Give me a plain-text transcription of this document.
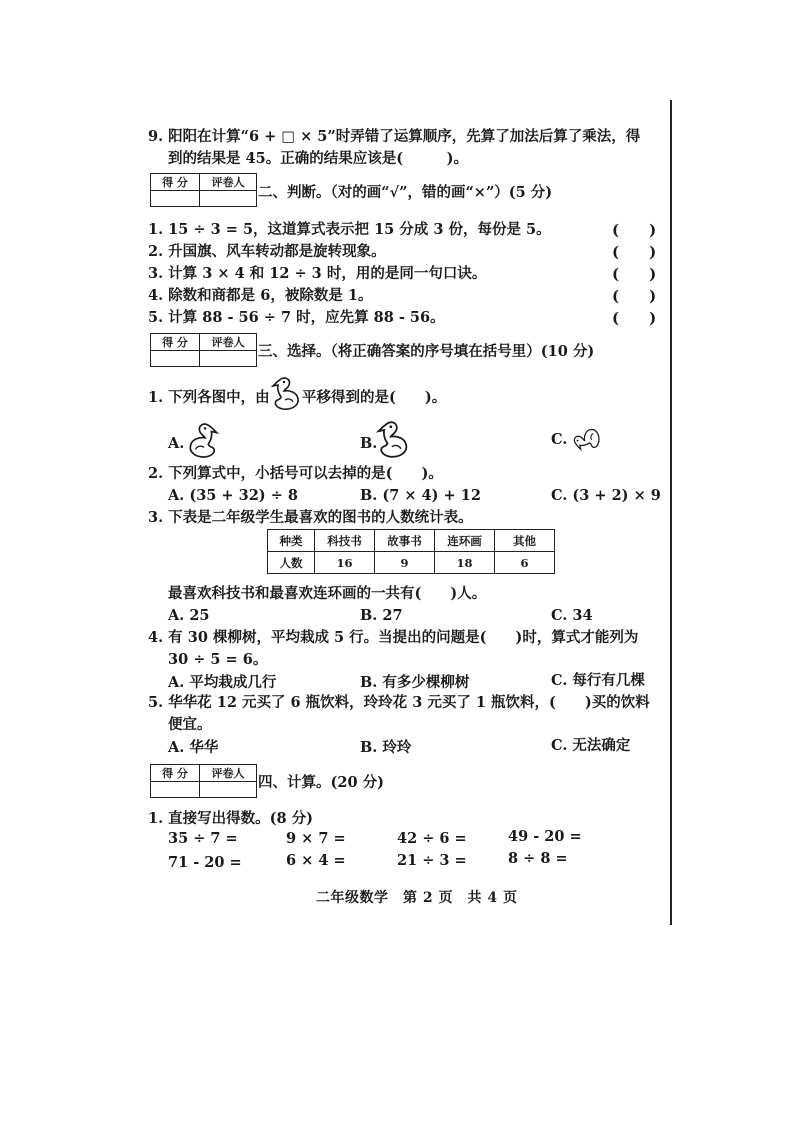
9. 阳阳在计算“6 + □ × 5”时弄错了运算顺序，先算了加法后算了乘法，得
到的结果是 45。正确的结果应该是(　　　)。
得 分	评卷人

二、判断。（对的画“√”，错的画“×”）(5 分)
1. 15 ÷ 3 = 5，这道算式表示把 15 分成 3 份，每份是 5。	(　　)
2. 升国旗、风车转动都是旋转现象。	(　　)
3. 计算 3 × 4 和 12 ÷ 3 时，用的是同一句口诀。	(　　)
4. 除数和商都是 6，被除数是 1。	(　　)
5. 计算 88 - 56 ÷ 7 时，应先算 88 - 56。	(　　)
得 分	评卷人

三、选择。（将正确答案的序号填在括号里）(10 分)
1. 下列各图中，由 平移得到的是(　　)。
A.	B.	C.
2. 下列算式中，小括号可以去掉的是(　　)。
A. (35 + 32) ÷ 8	B. (7 × 4) + 12	C. (3 + 2) × 9
3. 下表是二年级学生最喜欢的图书的人数统计表。
种类	科技书	故事书	连环画	其他
人数	16	9	18	6
最喜欢科技书和最喜欢连环画的一共有(　　)人。
A. 25	B. 27	C. 34
4. 有 30 棵柳树，平均栽成 5 行。当提出的问题是(　　)时，算式才能列为
30 ÷ 5 = 6。
A. 平均栽成几行	B. 有多少棵柳树	C. 每行有几棵
5. 华华花 12 元买了 6 瓶饮料，玲玲花 3 元买了 1 瓶饮料，(　　)买的饮料
便宜。
A. 华华	B. 玲玲	C. 无法确定
得 分	评卷人

四、计算。(20 分)
1. 直接写出得数。(8 分)
35 ÷ 7 =	9 × 7 =	42 ÷ 6 =	49 - 20 =
71 - 20 =	6 × 4 =	21 ÷ 3 =	8 ÷ 8 =
二年级数学　第 2 页　共 4 页
